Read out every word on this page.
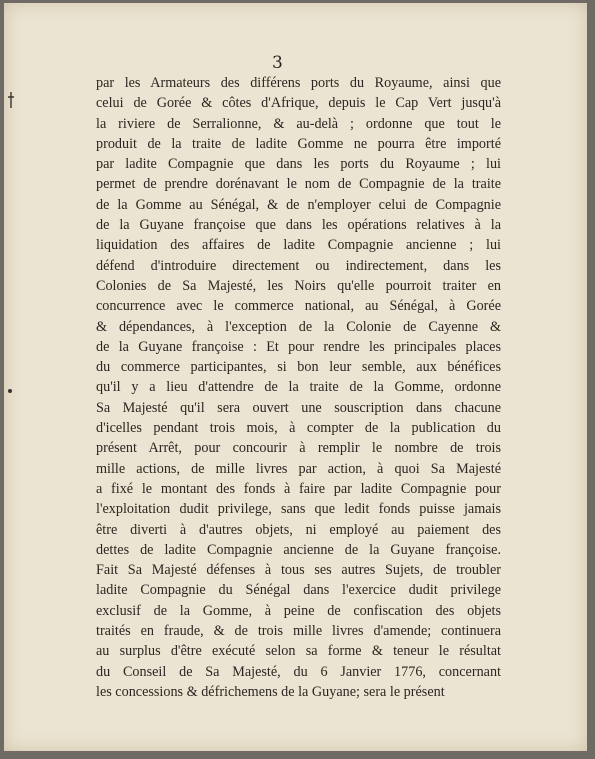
3
par les Armateurs des différens ports du Royaume, ainsi que
celui de Gorée & côtes d'Afrique, depuis le Cap Vert jusqu'à
la riviere de Serralionne, & au-delà ; ordonne que tout le
produit de la traite de ladite Gomme ne pourra être importé
par ladite Compagnie que dans les ports du Royaume ; lui
permet de prendre dorénavant le nom de Compagnie de la traite
de la Gomme au Sénégal, & de n'employer celui de Compagnie
de la Guyane françoise que dans les opérations relatives à la
liquidation des affaires de ladite Compagnie ancienne ; lui
défend d'introduire directement ou indirectement, dans les
Colonies de Sa Majesté, les Noirs qu'elle pourroit traiter en
concurrence avec le commerce national, au Sénégal, à Gorée
& dépendances, à l'exception de la Colonie de Cayenne &
de la Guyane françoise : Et pour rendre les principales places
du commerce participantes, si bon leur semble, aux bénéfices
qu'il y a lieu d'attendre de la traite de la Gomme, ordonne
Sa Majesté qu'il sera ouvert une souscription dans chacune
d'icelles pendant trois mois, à compter de la publication du
présent Arrêt, pour concourir à remplir le nombre de trois
mille actions, de mille livres par action, à quoi Sa Majesté
a fixé le montant des fonds à faire par ladite Compagnie pour
l'exploitation dudit privilege, sans que ledit fonds puisse jamais
être diverti à d'autres objets, ni employé au paiement des
dettes de ladite Compagnie ancienne de la Guyane françoise.
Fait Sa Majesté défenses à tous ses autres Sujets, de troubler
ladite Compagnie du Sénégal dans l'exercice dudit privilege
exclusif de la Gomme, à peine de confiscation des objets
traités en fraude, & de trois mille livres d'amende; continuera
au surplus d'être exécuté selon sa forme & teneur le résultat
du Conseil de Sa Majesté, du 6 Janvier 1776, concernant
les concessions & défrichemens de la Guyane; sera le présent
